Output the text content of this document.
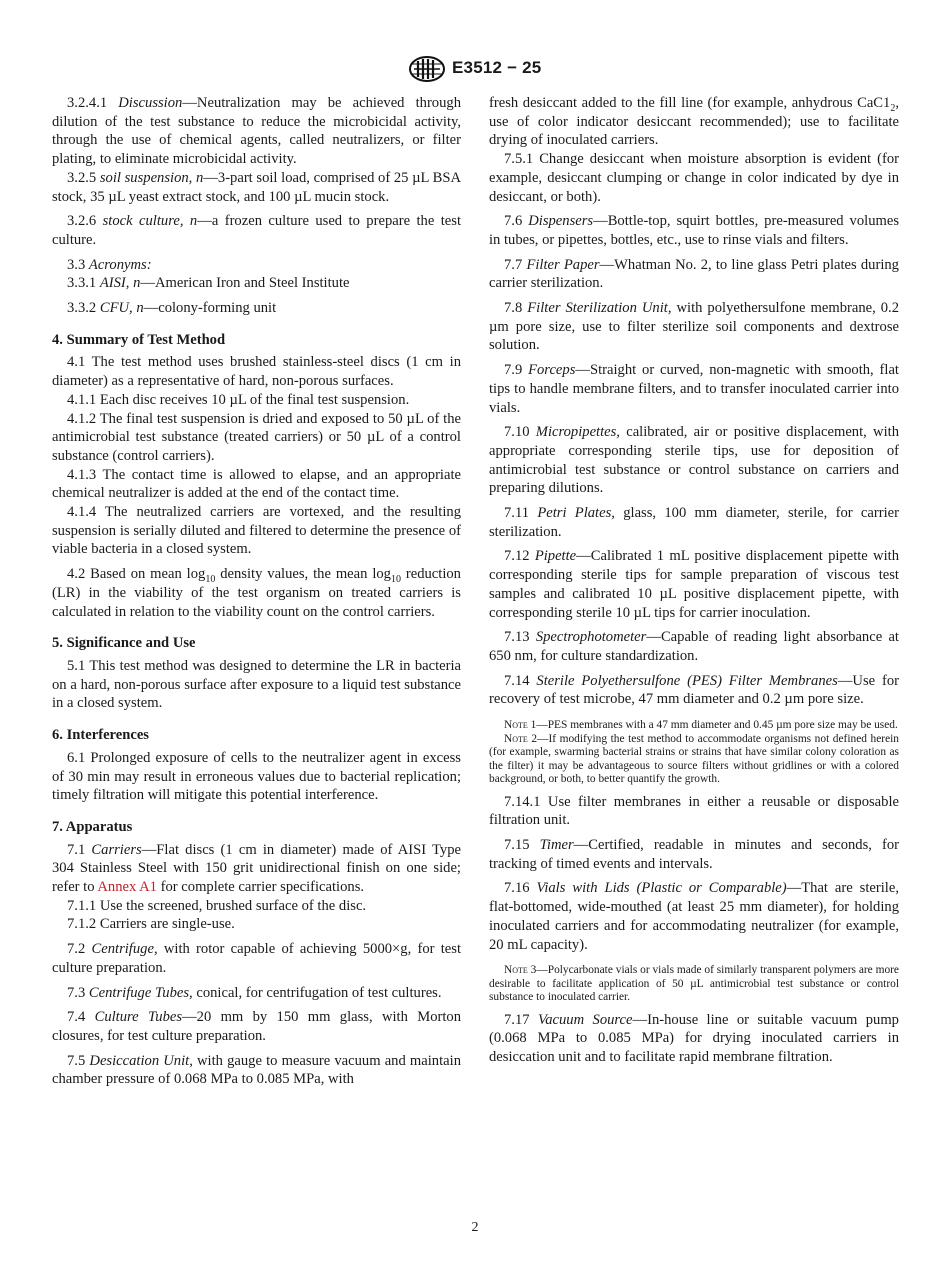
E3512 − 25

3.2.4.1 Discussion—Neutralization may be achieved through dilution of the test substance to reduce the microbicidal activity, through the use of chemical agents, called neutralizers, or filter plating, to eliminate microbicidal activity.

3.2.5 soil suspension, n—3-part soil load, comprised of 25 µL BSA stock, 35 µL yeast extract stock, and 100 µL mucin stock.

3.2.6 stock culture, n—a frozen culture used to prepare the test culture.

3.3 Acronyms:

3.3.1 AISI, n—American Iron and Steel Institute

3.3.2 CFU, n—colony-forming unit

4. Summary of Test Method

4.1 The test method uses brushed stainless-steel discs (1 cm in diameter) as a representative of hard, non-porous surfaces.

4.1.1 Each disc receives 10 µL of the final test suspension.

4.1.2 The final test suspension is dried and exposed to 50 µL of the antimicrobial test substance (treated carriers) or 50 µL of a control substance (control carriers).

4.1.3 The contact time is allowed to elapse, and an appropriate chemical neutralizer is added at the end of the contact time.

4.1.4 The neutralized carriers are vortexed, and the resulting suspension is serially diluted and filtered to determine the presence of viable bacteria in a closed system.

4.2 Based on mean $\log_{10}$ density values, the mean $\log_{10}$ reduction (LR) in the viability of the test organism on treated carriers is calculated in relation to the viability count on the control carriers.

5. Significance and Use

5.1 This test method was designed to determine the LR in bacteria on a hard, non-porous surface after exposure to a liquid test substance in a closed system.

6. Interferences

6.1 Prolonged exposure of cells to the neutralizer agent in excess of 30 min may result in erroneous values due to bacterial replication; timely filtration will mitigate this potential interference.

7. Apparatus

7.1 Carriers—Flat discs (1 cm in diameter) made of AISI Type 304 Stainless Steel with 150 grit unidirectional finish on one side; refer to Annex A1 for complete carrier specifications.

7.1.1 Use the screened, brushed surface of the disc.

7.1.2 Carriers are single-use.

7.2 Centrifuge, with rotor capable of achieving 5000×g, for test culture preparation.

7.3 Centrifuge Tubes, conical, for centrifugation of test cultures.

7.4 Culture Tubes—20 mm by 150 mm glass, with Morton closures, for test culture preparation.

7.5 Desiccation Unit, with gauge to measure vacuum and maintain chamber pressure of 0.068 MPa to 0.085 MPa, with

fresh desiccant added to the fill line (for example, anhydrous $CaC1_2$, use of color indicator desiccant recommended); use to facilitate drying of inoculated carriers.

7.5.1 Change desiccant when moisture absorption is evident (for example, desiccant clumping or change in color indicated by dye in desiccant, or both).

7.6 Dispensers—Bottle-top, squirt bottles, pre-measured volumes in tubes, or pipettes, bottles, etc., use to rinse vials and filters.

7.7 Filter Paper—Whatman No. 2, to line glass Petri plates during carrier sterilization.

7.8 Filter Sterilization Unit, with polyethersulfone membrane, 0.2 µm pore size, use to filter sterilize soil components and dextrose solution.

7.9 Forceps—Straight or curved, non-magnetic with smooth, flat tips to handle membrane filters, and to transfer inoculated carrier into vials.

7.10 Micropipettes, calibrated, air or positive displacement, with appropriate corresponding sterile tips, use for deposition of antimicrobial test substance or control substance on carriers and preparing dilutions.

7.11 Petri Plates, glass, 100 mm diameter, sterile, for carrier sterilization.

7.12 Pipette—Calibrated 1 mL positive displacement pipette with corresponding sterile tips for sample preparation of viscous test samples and calibrated 10 µL positive displacement pipette, with corresponding sterile 10 µL tips for carrier inoculation.

7.13 Spectrophotometer—Capable of reading light absorbance at 650 nm, for culture standardization.

7.14 Sterile Polyethersulfone (PES) Filter Membranes—Use for recovery of test microbe, 47 mm diameter and 0.2 µm pore size.

Note 1—PES membranes with a 47 mm diameter and 0.45 µm pore size may be used.

Note 2—If modifying the test method to accommodate organisms not defined herein (for example, swarming bacterial strains or strains that have similar colony coloration as the filter) it may be advantageous to source filters without gridlines or with a colored background, or both, to better quantify the growth.

7.14.1 Use filter membranes in either a reusable or disposable filtration unit.

7.15 Timer—Certified, readable in minutes and seconds, for tracking of timed events and intervals.

7.16 Vials with Lids (Plastic or Comparable)—That are sterile, flat-bottomed, wide-mouthed (at least 25 mm diameter), for holding inoculated carriers and for accommodating neutralizer (for example, 20 mL capacity).

Note 3—Polycarbonate vials or vials made of similarly transparent polymers are more desirable to facilitate application of 50 µL antimicrobial test substance or control substance to inoculated carrier.

7.17 Vacuum Source—In-house line or suitable vacuum pump (0.068 MPa to 0.085 MPa) for drying inoculated carriers in desiccation unit and to facilitate rapid membrane filtration.

2
